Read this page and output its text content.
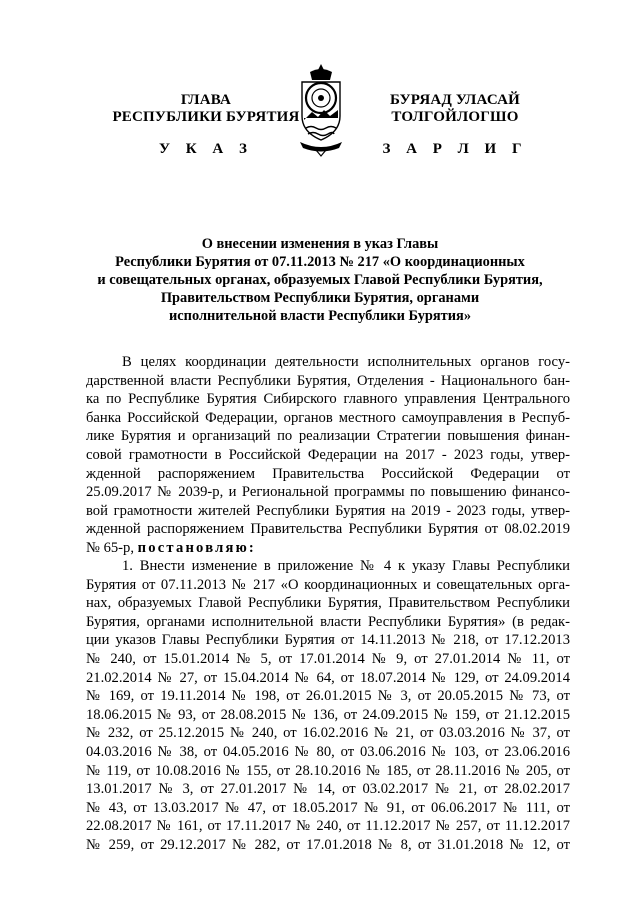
ГЛАВА
РЕСПУБЛИКИ БУРЯТИЯ
У К А З
БУРЯАД УЛАСАЙ
ТОЛГОЙЛОГШО
З А Р Л И Г
О внесении изменения в указ Главы
Республики Бурятия от 07.11.2013 № 217 «О координационных
и совещательных органах, образуемых Главой Республики Бурятия,
Правительством Республики Бурятия, органами
исполнительной власти Республики Бурятия»
В целях координации деятельности исполнительных органов госу-
дарственной власти Республики Бурятия, Отделения - Национального бан-
ка по Республике Бурятия Сибирского главного управления Центрального
банка Российской Федерации, органов местного самоуправления в Респуб-
лике Бурятия и организаций по реализации Стратегии повышения финан-
совой грамотности в Российской Федерации на 2017 - 2023 годы, утвер-
жденной распоряжением Правительства Российской Федерации от
25.09.2017 № 2039-р, и Региональной программы по повышению финансо-
вой грамотности жителей Республики Бурятия на 2019 - 2023 годы, утвер-
жденной распоряжением Правительства Республики Бурятия от 08.02.2019
№ 65-р, постановляю:
1. Внести изменение в приложение № 4 к указу Главы Республики
Бурятия от 07.11.2013 № 217 «О координационных и совещательных орга-
нах, образуемых Главой Республики Бурятия, Правительством Республики
Бурятия, органами исполнительной власти Республики Бурятия» (в редак-
ции указов Главы Республики Бурятия от 14.11.2013 № 218, от 17.12.2013
№ 240, от 15.01.2014 № 5, от 17.01.2014 № 9, от 27.01.2014 № 11, от
21.02.2014 № 27, от 15.04.2014 № 64, от 18.07.2014 № 129, от 24.09.2014
№ 169, от 19.11.2014 № 198, от 26.01.2015 № 3, от 20.05.2015 № 73, от
18.06.2015 № 93, от 28.08.2015 № 136, от 24.09.2015 № 159, от 21.12.2015
№ 232, от 25.12.2015 № 240, от 16.02.2016 № 21, от 03.03.2016 № 37, от
04.03.2016 № 38, от 04.05.2016 № 80, от 03.06.2016 № 103, от 23.06.2016
№ 119, от 10.08.2016 № 155, от 28.10.2016 № 185, от 28.11.2016 № 205, от
13.01.2017 № 3, от 27.01.2017 № 14, от 03.02.2017 № 21, от 28.02.2017
№ 43, от 13.03.2017 № 47, от 18.05.2017 № 91, от 06.06.2017 № 111, от
22.08.2017 № 161, от 17.11.2017 № 240, от 11.12.2017 № 257, от 11.12.2017
№ 259, от 29.12.2017 № 282, от 17.01.2018 № 8, от 31.01.2018 № 12, от
